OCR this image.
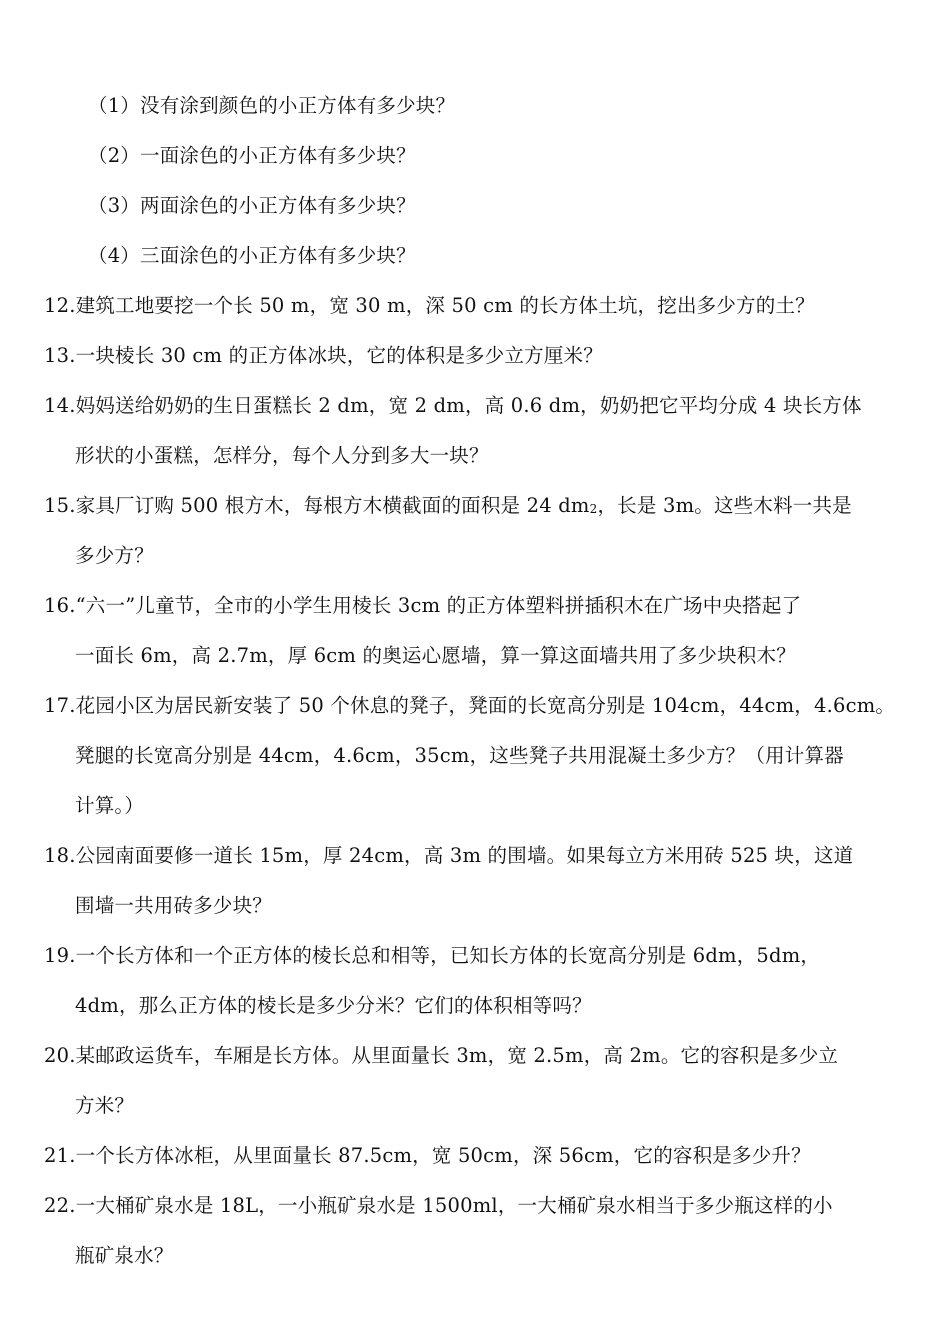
（1）没有涂到颜色的小正方体有多少块？
（2）一面涂色的小正方体有多少块？
（3）两面涂色的小正方体有多少块？
（4）三面涂色的小正方体有多少块？
12.建筑工地要挖一个长 50 m，宽 30 m，深 50 cm 的长方体土坑，挖出多少方的土？
13.一块棱长 30 cm 的正方体冰块，它的体积是多少立方厘米？
14.妈妈送给奶奶的生日蛋糕长 2 dm，宽 2 dm，高 0.6 dm，奶奶把它平均分成 4 块长方体
形状的小蛋糕，怎样分，每个人分到多大一块？
15.家具厂订购 500 根方木，每根方木横截面的面积是 24 $dm^2$，长是 3m。这些木料一共是
多少方？
16.“六一”儿童节，全市的小学生用棱长 3cm 的正方体塑料拼插积木在广场中央搭起了
一面长 6m，高 2.7m，厚 6cm 的奥运心愿墙，算一算这面墙共用了多少块积木？
17.花园小区为居民新安装了 50 个休息的凳子，凳面的长宽高分别是 104cm，44cm，4.6cm。
凳腿的长宽高分别是 44cm，4.6cm，35cm，这些凳子共用混凝土多少方？（用计算器
计算。）
18.公园南面要修一道长 15m，厚 24cm，高 3m 的围墙。如果每立方米用砖 525 块，这道
围墙一共用砖多少块？
19.一个长方体和一个正方体的棱长总和相等，已知长方体的长宽高分别是 6dm，5dm，
4dm，那么正方体的棱长是多少分米？它们的体积相等吗？
20.某邮政运货车，车厢是长方体。从里面量长 3m，宽 2.5m，高 2m。它的容积是多少立
方米？
21.一个长方体冰柜，从里面量长 87.5cm，宽 50cm，深 56cm，它的容积是多少升？
22.一大桶矿泉水是 18L，一小瓶矿泉水是 1500ml，一大桶矿泉水相当于多少瓶这样的小
瓶矿泉水？
